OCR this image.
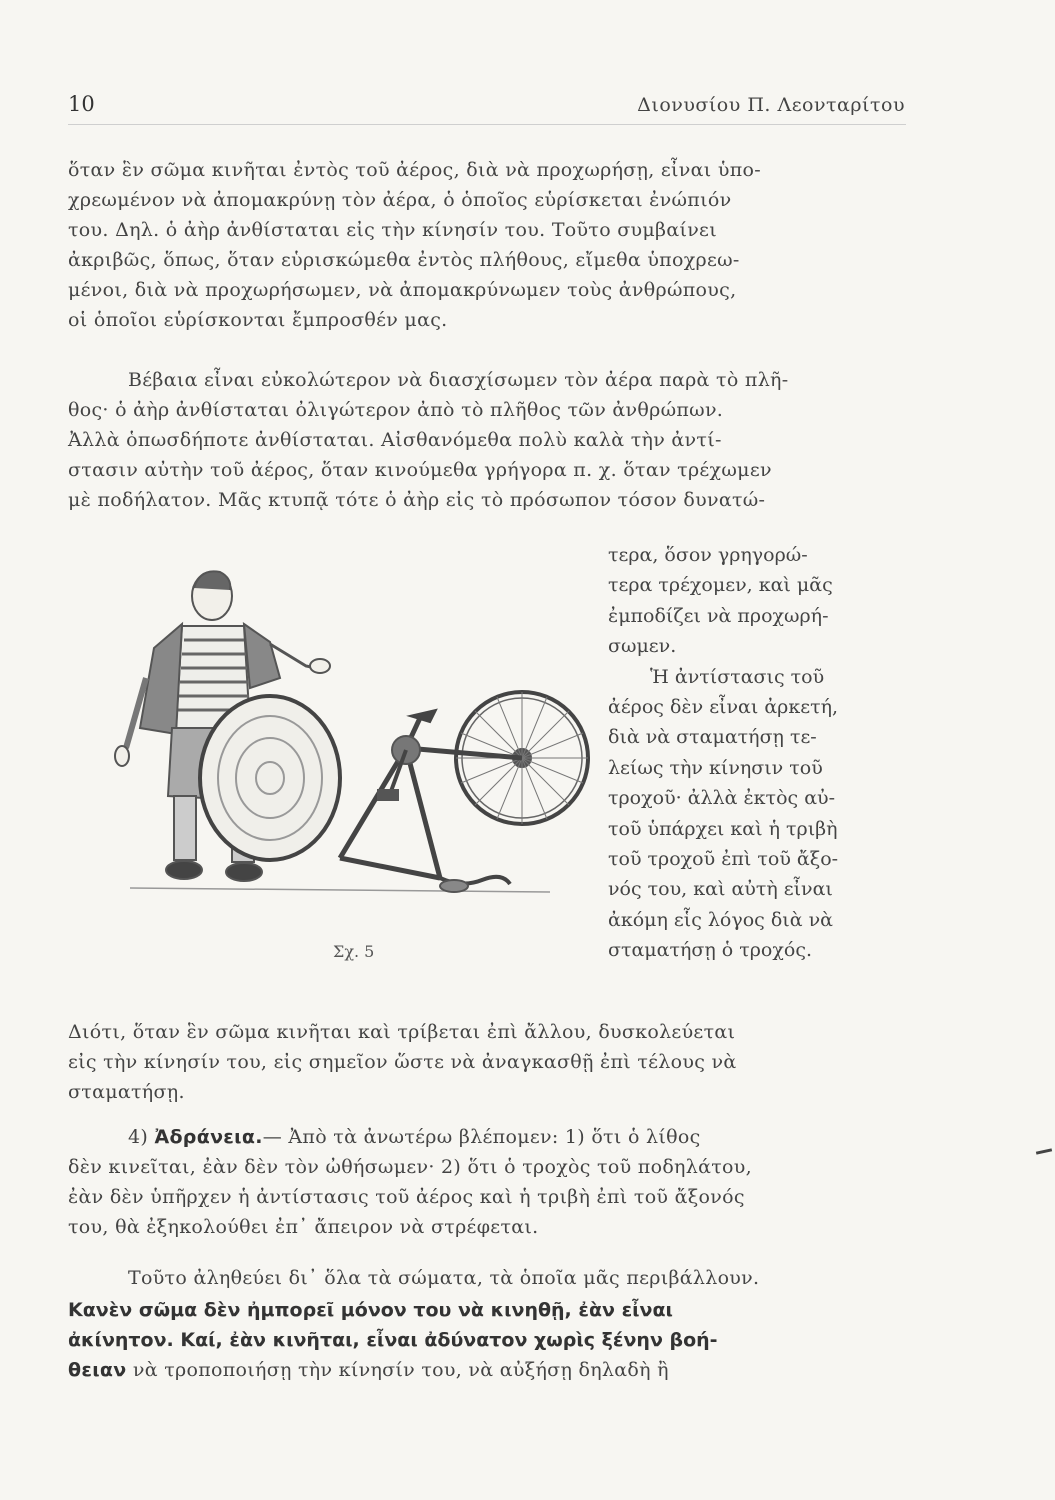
10	Διονυσίου Π. Λεονταρίτου
ὅταν ἓν σῶμα κινῆται ἐντὸς τοῦ ἀέρος, διὰ νὰ προχωρήσῃ, εἶναι ὑπο-
χρεωμένον νὰ ἀπομακρύνῃ τὸν ἀέρα, ὁ ὁποῖος εὑρίσκεται ἐνώπιόν
του. Δηλ. ὁ ἀὴρ ἀνθίσταται εἰς τὴν κίνησίν του. Τοῦτο συμβαίνει
ἀκριβῶς, ὅπως, ὅταν εὑρισκώμεθα ἐντὸς πλήθους, εἴμεθα ὑποχρεω-
μένοι, διὰ νὰ προχωρήσωμεν, νὰ ἀπομακρύνωμεν τοὺς ἀνθρώπους,
οἱ ὁποῖοι εὑρίσκονται ἔμπροσθέν μας.
Βέβαια εἶναι εὐκολώτερον νὰ διασχίσωμεν τὸν ἀέρα παρὰ τὸ πλῆ-
θος· ὁ ἀὴρ ἀνθίσταται ὀλιγώτερον ἀπὸ τὸ πλῆθος τῶν ἀνθρώπων.
Ἀλλὰ ὁπωσδήποτε ἀνθίσταται. Αἰσθανόμεθα πολὺ καλὰ τὴν ἀντί-
στασιν αὐτὴν τοῦ ἀέρος, ὅταν κινούμεθα γρήγορα π. χ. ὅταν τρέχωμεν
μὲ ποδήλατον. Μᾶς κτυπᾷ τότε ὁ ἀὴρ εἰς τὸ πρόσωπον τόσον δυνατώ-
Σχ. 5
τερα, ὅσον γρηγορώ-
τερα τρέχομεν, καὶ μᾶς
ἐμποδίζει νὰ προχωρή-
σωμεν.
Ἡ ἀντίστασις τοῦ
ἀέρος δὲν εἶναι ἀρκετή,
διὰ νὰ σταματήσῃ τε-
λείως τὴν κίνησιν τοῦ
τροχοῦ· ἀλλὰ ἐκτὸς αὐ-
τοῦ ὑπάρχει καὶ ἡ τριβὴ
τοῦ τροχοῦ ἐπὶ τοῦ ἄξο-
νός του, καὶ αὐτὴ εἶναι
ἀκόμη εἷς λόγος διὰ νὰ
σταματήσῃ ὁ τροχός.
Διότι, ὅταν ἓν σῶμα κινῆται καὶ τρίβεται ἐπὶ ἄλλου, δυσκολεύεται
εἰς τὴν κίνησίν του, εἰς σημεῖον ὥστε νὰ ἀναγκασθῇ ἐπὶ τέλους νὰ
σταματήσῃ.
4) Ἀδράνεια.— Ἀπὸ τὰ ἀνωτέρω βλέπομεν: 1) ὅτι ὁ λίθος
δὲν κινεῖται, ἐὰν δὲν τὸν ὠθήσωμεν· 2) ὅτι ὁ τροχὸς τοῦ ποδηλάτου,
ἐὰν δὲν ὑπῆρχεν ἡ ἀντίστασις τοῦ ἀέρος καὶ ἡ τριβὴ ἐπὶ τοῦ ἄξονός
του, θὰ ἐξηκολούθει ἐπ᾿ ἄπειρον νὰ στρέφεται.
Τοῦτο ἀληθεύει δι᾿ ὅλα τὰ σώματα, τὰ ὁποῖα μᾶς περιβάλλουν.
Κανὲν σῶμα δὲν ἠμπορεῖ μόνον του νὰ κινηθῇ, ἐὰν εἶναι
ἀκίνητον. Καί, ἐὰν κινῆται, εἶναι ἀδύνατον χωρὶς ξένην βοή-
θειαν νὰ τροποποιήσῃ τὴν κίνησίν του, νὰ αὐξήσῃ δηλαδὴ ἢ
